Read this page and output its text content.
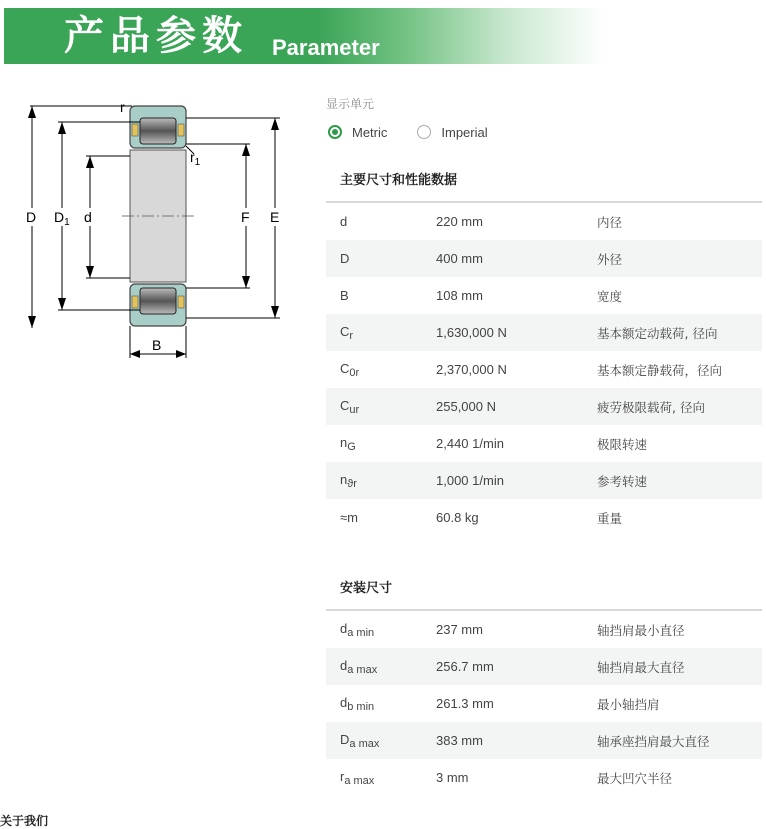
产品参数 Parameter
D $D_1$ d	F E
r
$r_1$
B
显示单元
Metric	Imperial
主要尺寸和性能数据
d	220 mm	内径
D	400 mm	外径
B	108 mm	宽度
$C_r$	1,630,000 N	基本额定动载荷, 径向
$C_{0r}$	2,370,000 N	基本额定静载荷，径向
$C_{ur}$	255,000 N	疲劳极限载荷, 径向
$n_G$	2,440 1/min	极限转速
$n_{ϑr}$	1,000 1/min	参考转速
≈m	60.8 kg	重量
安装尺寸
$d_{a min}$	237 mm	轴挡肩最小直径
$d_{a max}$	256.7 mm	轴挡肩最大直径
$d_{b min}$	261.3 mm	最小轴挡肩
$D_{a max}$	383 mm	轴承座挡肩最大直径
$r_{a max}$	3 mm	最大凹穴半径
关于我们
